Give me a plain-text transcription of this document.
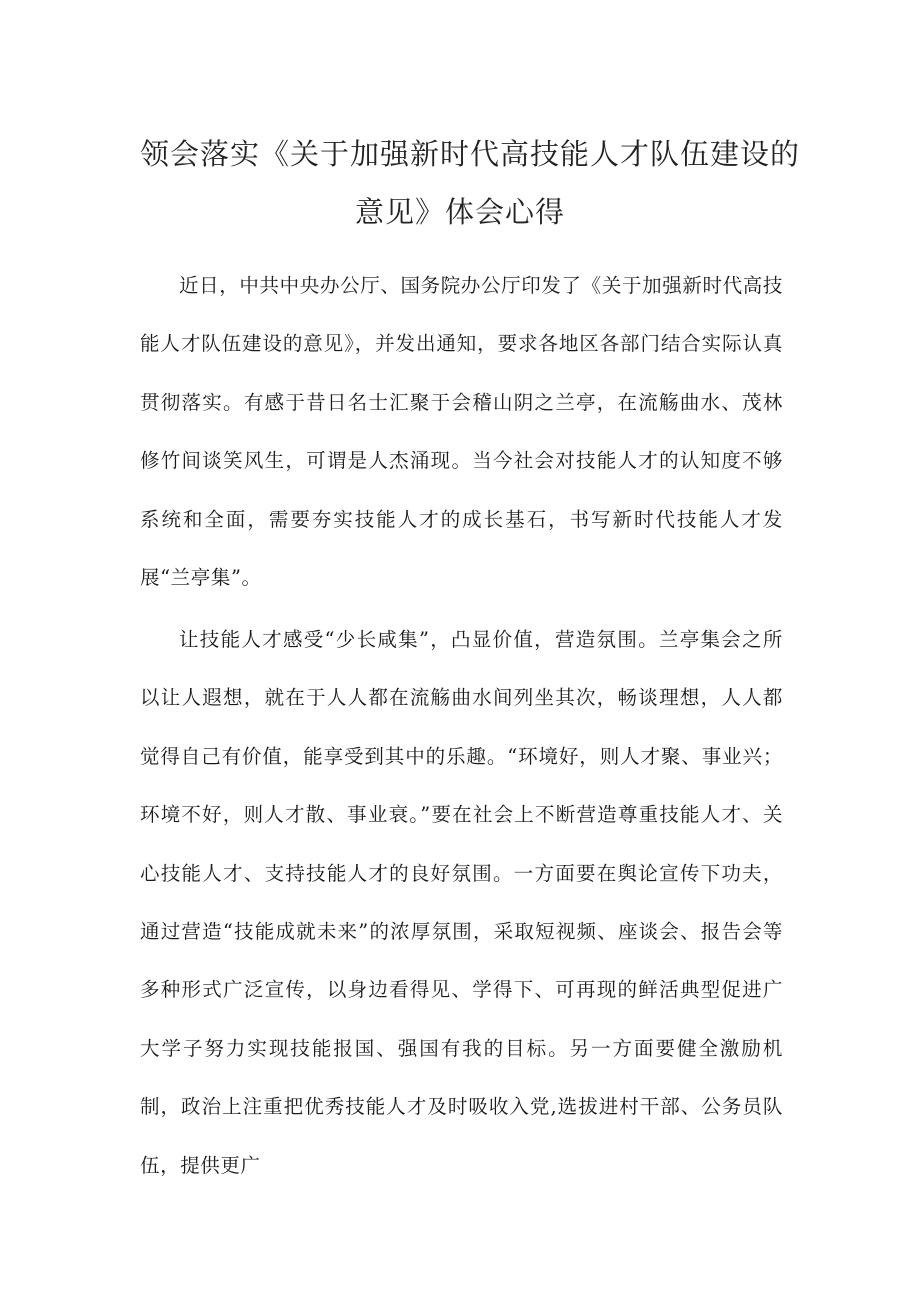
领会落实《关于加强新时代高技能人才队伍建设的
意见》体会心得

近日，中共中央办公厅、国务院办公厅印发了《关于加强新时代高技能人才队伍建设的意见》，并发出通知，要求各地区各部门结合实际认真贯彻落实。有感于昔日名士汇聚于会稽山阴之兰亭，在流觞曲水、茂林修竹间谈笑风生，可谓是人杰涌现。当今社会对技能人才的认知度不够系统和全面，需要夯实技能人才的成长基石，书写新时代技能人才发展“兰亭集”。

让技能人才感受“少长咸集”，凸显价值，营造氛围。兰亭集会之所以让人遐想，就在于人人都在流觞曲水间列坐其次，畅谈理想，人人都觉得自己有价值，能享受到其中的乐趣。“环境好，则人才聚、事业兴；环境不好，则人才散、事业衰。”要在社会上不断营造尊重技能人才、关心技能人才、支持技能人才的良好氛围。一方面要在舆论宣传下功夫，通过营造“技能成就未来”的浓厚氛围，采取短视频、座谈会、报告会等多种形式广泛宣传，以身边看得见、学得下、可再现的鲜活典型促进广大学子努力实现技能报国、强国有我的目标。另一方面要健全激励机制，政治上注重把优秀技能人才及时吸收入党,选拔进村干部、公务员队伍，提供更广
